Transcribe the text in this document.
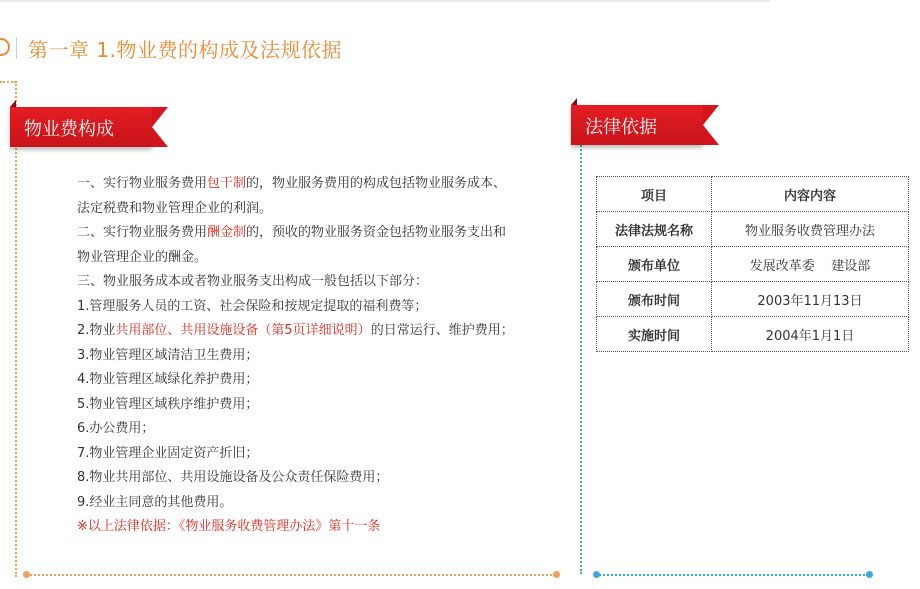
第一章 1.物业费的构成及法规依据
物业费构成	法律依据

一、实行物业服务费用包干制的，物业服务费用的构成包括物业服务成本、

法定税费和物业管理企业的利润。

二、实行物业服务费用酬金制的，预收的物业服务资金包括物业服务支出和

物业管理企业的酬金。

三、物业服务成本或者物业服务支出构成一般包括以下部分：

1.管理服务人员的工资、社会保险和按规定提取的福利费等；

2.物业共用部位、共用设施设备（第5页详细说明）的日常运行、维护费用；

3.物业管理区域清洁卫生费用；

4.物业管理区域绿化养护费用；

5.物业管理区域秩序维护费用；

6.办公费用；

7.物业管理企业固定资产折旧；

8.物业共用部位、共用设施设备及公众责任保险费用；

9.经业主同意的其他费用。

※以上法律依据：《物业服务收费管理办法》第十一条

项目	内容内容
法律法规名称	物业服务收费管理办法
颁布单位	发展改革委    建设部
颁布时间	2003年11月13日
实施时间	2004年1月1日
